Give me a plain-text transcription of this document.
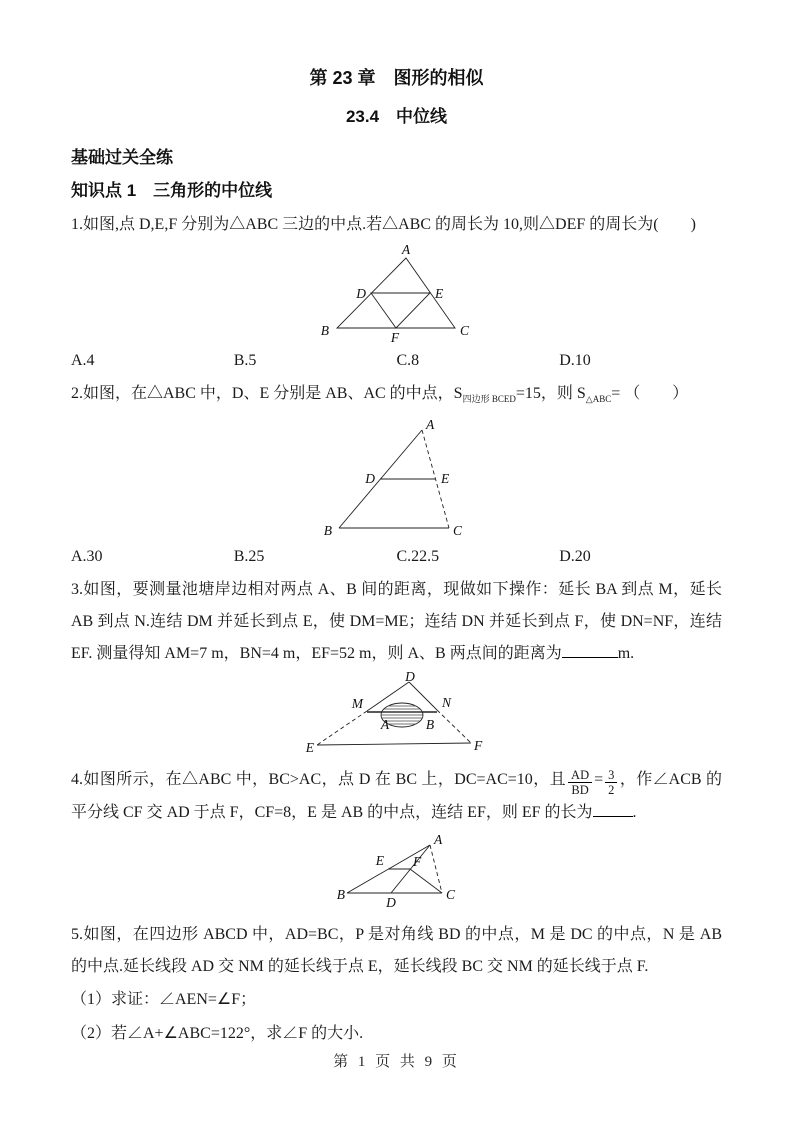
第 23 章　图形的相似
23.4　中位线
基础过关全练
知识点 1　三角形的中位线

1.如图,点 D,E,F 分别为△ABC 三边的中点.若△ABC 的周长为 10,则△DEF 的周长为(　　)

A
B	C
D	E
F
A.4	B.5	C.8	D.10

2.如图，在△ABC 中，D、E 分别是 AB、AC 的中点，$S_{四边形 BCED}=15$，则 $S_{\triangle ABC}=$ （　　）

A
B	C
D	E
A.30	B.25	C.22.5	D.20

3.如图，要测量池塘岸边相对两点 A、B 间的距离，现做如下操作：延长 BA 到点 M，延长 AB 到点 N.连结 DM 并延长到点 E，使 DM=ME；连结 DN 并延长到点 F，使 DN=NF，连结 EF. 测量得知 AM=7 m，BN=4 m，EF=52 m，则 A、B 两点间的距离为	m.

D
M	N
A	B
E	F

4.如图所示，在△ABC 中，BC>AC，点 D 在 BC 上，DC=AC=10，且 $\frac{AD}{BD} = \frac{3}{2}$ ，作∠ACB 的平分线 CF 交 AD 于点 F，CF=8，E 是 AB 的中点，连结 EF，则 EF 的长为	.

A
B	C
D
E F

5.如图，在四边形 ABCD 中，AD=BC，P 是对角线 BD 的中点，M 是 DC 的中点，N 是 AB 的中点.延长线段 AD 交 NM 的延长线于点 E，延长线段 BC 交 NM 的延长线于点 F.

（1）求证：∠AEN=∠F；

（2）若∠A+∠ABC=122°，求∠F 的大小.

第 1 页 共 9 页
